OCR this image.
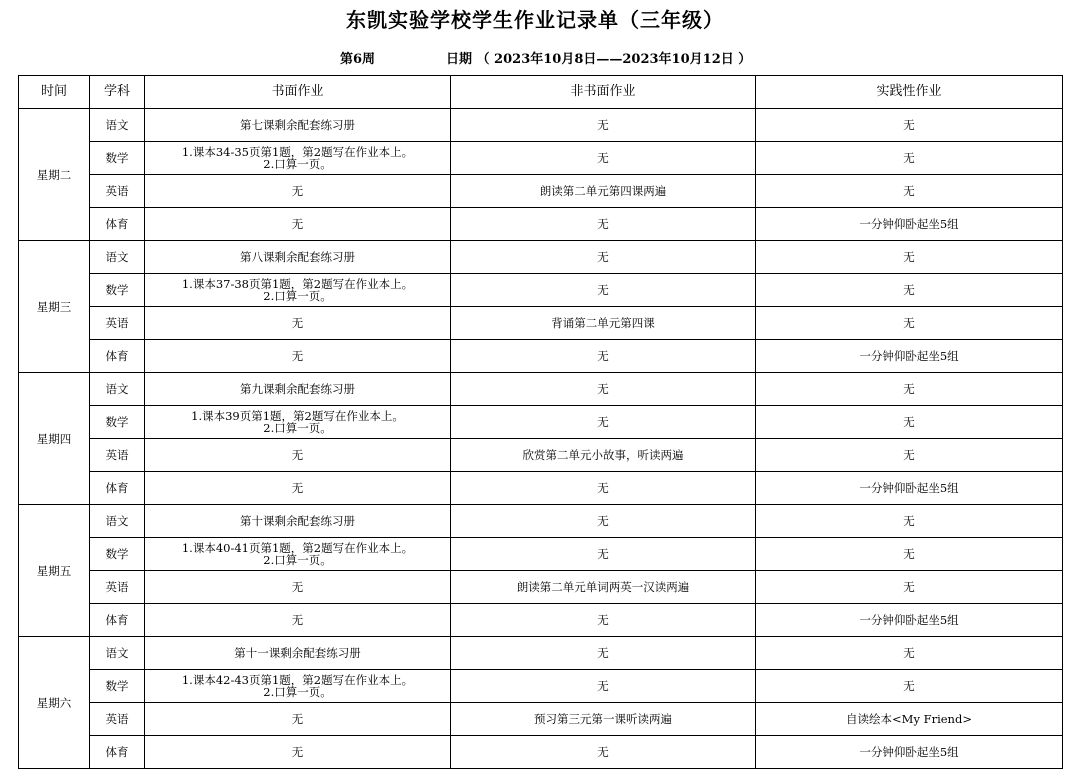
东凯实验学校学生作业记录单（三年级）
第6周	日期 （ 2023年10月8日——2023年10月12日 ）
时间	学科	书面作业	非书面作业	实践性作业
星期二	语文	第七课剩余配套练习册	无	无
	数学	1.课本34-35页第1题，第2题写在作业本上。
2.口算一页。	无	无
	英语	无	朗读第二单元第四课两遍	无
	体育	无	无	一分钟仰卧起坐5组
星期三	语文	第八课剩余配套练习册	无	无
	数学	1.课本37-38页第1题，第2题写在作业本上。
2.口算一页。	无	无
	英语	无	背诵第二单元第四课	无
	体育	无	无	一分钟仰卧起坐5组
星期四	语文	第九课剩余配套练习册	无	无
	数学	1.课本39页第1题，第2题写在作业本上。
2.口算一页。	无	无
	英语	无	欣赏第二单元小故事，听读两遍	无
	体育	无	无	一分钟仰卧起坐5组
星期五	语文	第十课剩余配套练习册	无	无
	数学	1.课本40-41页第1题，第2题写在作业本上。
2.口算一页。	无	无
	英语	无	朗读第二单元单词两英一汉读两遍	无
	体育	无	无	一分钟仰卧起坐5组
星期六	语文	第十一课剩余配套练习册	无	无
	数学	1.课本42-43页第1题，第2题写在作业本上。
2.口算一页。	无	无
	英语	无	预习第三元第一课听读两遍	自读绘本<My Friend>
	体育	无	无	一分钟仰卧起坐5组
